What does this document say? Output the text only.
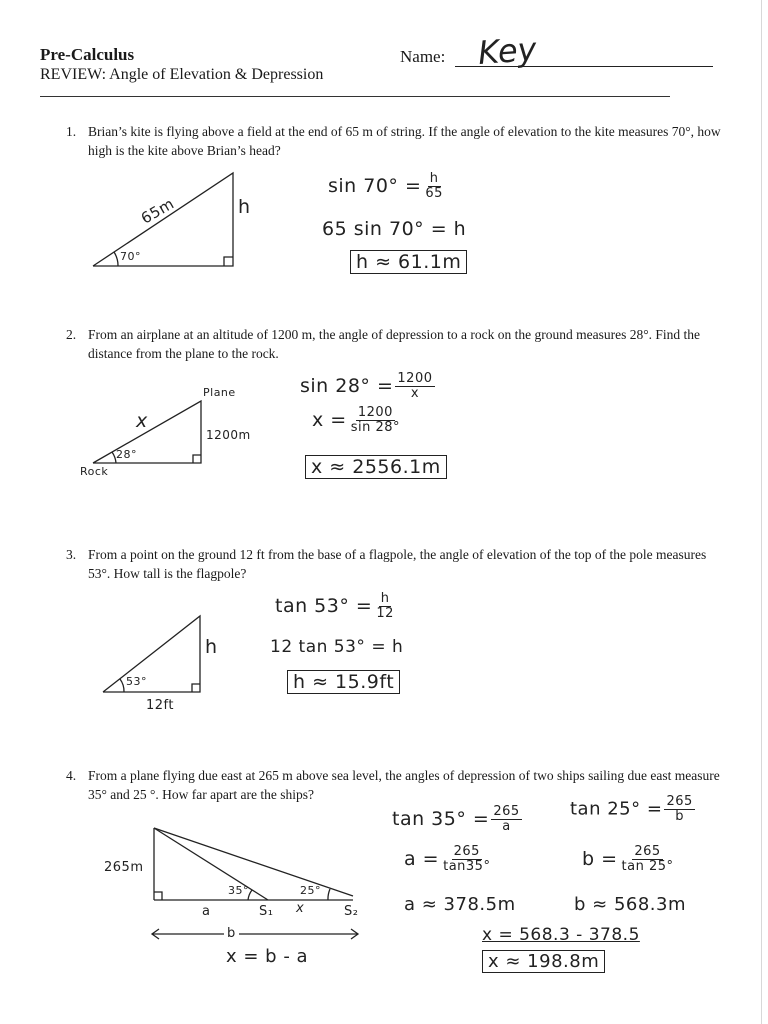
Pre-Calculus
REVIEW: Angle of Elevation & Depression
Name: Key
1. Brian’s kite is flying above a field at the end of 65 m of string. If the angle of elevation to the kite measures 70°, how high is the kite above Brian’s head?
65m	h
70°
$\sin 70^\circ = \frac{h}{65}$
65 sin 70° = h
h ≈ 61.1m
2. From an airplane at an altitude of 1200 m, the angle of depression to a rock on the ground measures 28°. Find the distance from the plane to the rock.
Plane
x
1200m
28°
Rock
$\sin 28^\circ = \frac{1200}{x}$
$x = \frac{1200}{\sin 28^\circ}$
x ≈ 2556.1m
3. From a point on the ground 12 ft from the base of a flagpole, the angle of elevation of the top of the pole measures 53°. How tall is the flagpole?
h
53°
12ft
$\tan 53^\circ = \frac{h}{12}$
12 tan 53° = h
h ≈ 15.9ft
4. From a plane flying due east at 265 m above sea level, the angles of depression of two ships sailing due east measure 35° and 25 °. How far apart are the ships?
265m
35°	25°
a	S₁ x	S₂
b
x = b - a
$\tan 35^\circ = \frac{265}{a}$
$a = \frac{265}{\tan 35^\circ}$
a ≈ 378.5m
$\tan 25^\circ = \frac{265}{b}$
$b = \frac{265}{\tan 25^\circ}$
b ≈ 568.3m
x = 568.3 - 378.5
x ≈ 198.8m
